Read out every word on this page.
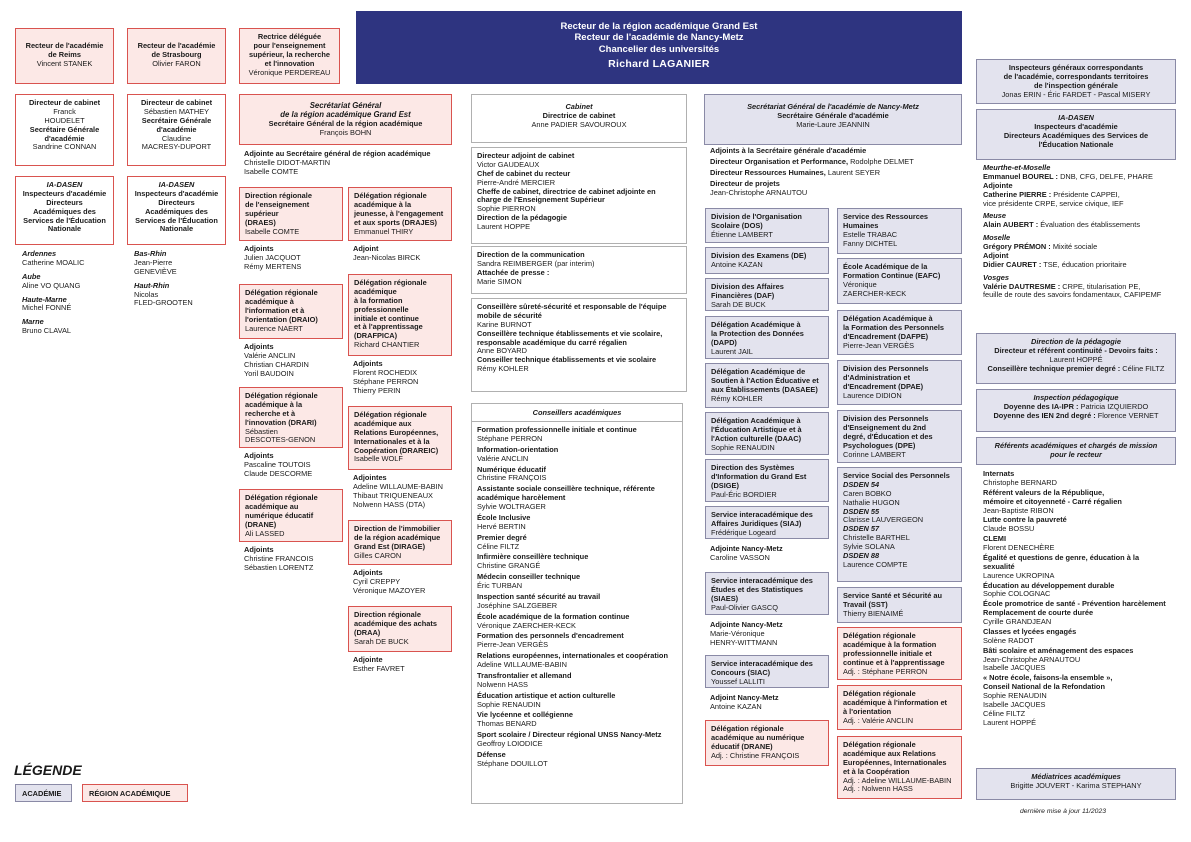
Recteur de la région académique Grand Est
Recteur de l'académie de Nancy-Metz
Chancelier des universités
Richard LAGANIER
Recteur de l'académie
de Reims
Vincent STANEK
Directeur de cabinet
Franck
HOUDELET
Secrétaire Générale
d'académie
Sandrine CONNAN
IA-DASEN
Inspecteurs d'académie
Directeurs
Académiques des
Services de l'Éducation
Nationale
Ardennes
Catherine MOALIC
Aube
Aline VO QUANG
Haute-Marne
Michel FONNÉ
Marne
Bruno CLAVAL
Recteur de l'académie
de Strasbourg
Olivier FARON
Directeur de cabinet
Sébastien MATHEY
Secrétaire Générale
d'académie
Claudine
MACRESY-DUPORT
IA-DASEN
Inspecteurs d'académie
Directeurs
Académiques des
Services de l'Éducation
Nationale
Bas-Rhin
Jean-Pierre
GENEVIÈVE
Haut-Rhin
Nicolas
FLED-GROOTEN
Rectrice déléguée
pour l'enseignement
supérieur, la recherche
et l'innovation
Véronique PERDEREAU
Secrétariat Général
de la région académique Grand Est
Secrétaire Général de la région académique
François BOHN
Adjointe au Secrétaire général de région académique
Christelle DIDOT-MARTIN
Isabelle COMTE
Direction régionale
de l'enseignement supérieur
(DRAES)
Isabelle COMTE
Adjoints
Julien JACQUOT
Rémy MERTENS
Délégation régionale
académique à
l'information et à
l'orientation (DRAIO)
Laurence NAERT
Adjoints
Valérie ANCLIN
Christian CHARDIN
Yoril BAUDOIN
Délégation régionale
académique à la
recherche et à
l'innovation (DRARI)
Sébastien
DESCOTES-GENON
Adjoints
Pascaline TOUTOIS
Claude DESCORME
Délégation régionale
académique au
numérique éducatif
(DRANE)
Ali LASSED
Adjoints
Christine FRANCOIS
Sébastien LORENTZ
Délégation régionale
académique à la
jeunesse, à l'engagement
et aux sports (DRAJES)
Emmanuel THIRY
Adjoint
Jean-Nicolas BIRCK
Délégation régionale
académique
à la formation
professionnelle
initiale et continue
et à l'apprentissage
(DRAFPICA)
Richard CHANTIER
Adjoints
Florent ROCHEDIX
Stéphane PERRON
Thierry PERIN
Délégation régionale
académique aux
Relations Européennes,
Internationales et à la
Coopération (DRAREIC)
Isabelle WOLF
Adjointes
Adeline WILLAUME-BABIN
Thibaut TRIQUENEAUX
Nolwenn HASS (DTA)
Direction de l'immobilier
de la région académique
Grand Est (DIRAGE)
Gilles CARON
Adjoints
Cyril CREPPY
Véronique MAZOYER
Direction régionale
académique des achats
(DRAA)
Sarah DE BUCK
Adjointe
Esther FAVRET
Cabinet
Directrice de cabinet
Anne PADIER SAVOUROUX
Directeur adjoint de cabinet
Victor GAUDEAUX
Chef de cabinet du recteur
Pierre-André MERCIER
Cheffe de cabinet, directrice de cabinet adjointe en
charge de l'Enseignement Supérieur
Sophie PIERRON
Direction de la pédagogie
Laurent HOPPE
Direction de la communication
Sandra REIMBERGER (par interim)
Attachée de presse :
Marie SIMON
Conseillère sûreté-sécurité et responsable de l'équipe
mobile de sécurité
Karine BURNOT
Conseillère technique établissements et vie scolaire,
responsable académique du carré régalien
Anne BOYARD
Conseiller technique établissements et vie scolaire
Rémy KOHLER
Conseillers académiques
Formation professionnelle initiale et continue
Stéphane PERRON
Information-orientation
Valérie ANCLIN
Numérique éducatif
Christine FRANÇOIS
Assistante sociale conseillère technique, référente
académique harcèlement
Sylvie WOLTRAGER
École Inclusive
Hervé BERTIN
Premier degré
Céline FILTZ
Infirmière conseillère technique
Christine GRANGÉ
Médecin conseiller technique
Éric TURBAN
Inspection santé sécurité au travail
Joséphine SALZGEBER
École académique de la formation continue
Véronique ZAERCHER-KECK
Formation des personnels d'encadrement
Pierre-Jean VERGÈS
Relations européennes, internationales et coopération
Adeline WILLAUME-BABIN
Transfrontalier et allemand
Nolwenn HASS
Éducation artistique et action culturelle
Sophie RENAUDIN
Vie lycéenne et collégienne
Thomas BENARD
Sport scolaire / Directeur régional UNSS Nancy-Metz
Geoffroy LOIODICE
Défense
Stéphane DOUILLOT
Secrétariat Général de l'académie de Nancy-Metz
Secrétaire Générale d'académie
Marie-Laure JEANNIN
Adjoints à la Secrétaire générale d'académie
Directeur Organisation et Performance, Rodolphe DELMET
Directeur Ressources Humaines, Laurent SEYER
Directeur de projets
Jean-Christophe ARNAUTOU
Division de l'Organisation
Scolaire (DOS)
Étienne LAMBERT
Division des Examens (DE)
Antoine KAZAN
Division des Affaires
Financières (DAF)
Sarah DE BUCK
Délégation Académique à
la Protection des Données
(DAPD)
Laurent JAIL
Délégation Académique de
Soutien à l'Action Éducative et
aux Établissements (DASAEE)
Rémy KOHLER
Délégation Académique à
l'Éducation Artistique et à
l'Action culturelle (DAAC)
Sophie RENAUDIN
Direction des Systèmes
d'Information du Grand Est
(DSIGE)
Paul-Éric BORDIER
Service interacadémique des
Affaires Juridiques (SIAJ)
Frédérique Logeard
Adjointe Nancy-Metz
Caroline VASSON
Service interacadémique des
Études et des Statistiques
(SIAES)
Paul-Olivier GASCQ
Adjointe Nancy-Metz
Marie-Véronique
HENRY-WITTMANN
Service interacadémique des
Concours (SIAC)
Youssef LALLITI
Adjoint Nancy-Metz
Antoine KAZAN
Délégation régionale
académique au numérique
éducatif (DRANE)
Adj. : Christine FRANÇOIS
Service des Ressources
Humaines
Estelle TRABAC
Fanny DICHTEL
École Académique de la
Formation Continue (EAFC)
Véronique
ZAERCHER-KECK
Délégation Académique à
la Formation des Personnels
d'Encadrement (DAFPE)
Pierre-Jean VERGÈS
Division des Personnels
d'Administration et
d'Encadrement (DPAE)
Laurence DIDION
Division des Personnels
d'Enseignement du 2nd
degré, d'Éducation et des
Psychologues (DPE)
Corinne LAMBERT
Service Social des Personnels
DSDEN 54
Caren BOBKO
Nathalie HUGON
DSDEN 55
Clarisse LAUVERGEON
DSDEN 57
Christelle BARTHEL
Sylvie SOLANA
DSDEN 88
Laurence COMPTE
Service Santé et Sécurité au
Travail (SST)
Thierry BIENAIMÉ
Délégation régionale
académique à la formation
professionnelle initiale et
continue et à l'apprentissage
Adj. : Stéphane PERRON
Délégation régionale
académique à l'information et
à l'orientation
Adj. : Valérie ANCLIN
Délégation régionale
académique aux Relations
Européennes, Internationales
et à la Coopération
Adj. : Adeline WILLAUME-BABIN
Adj. : Nolwenn HASS
Inspecteurs généraux correspondants
de l'académie, correspondants territoires
de l'inspection générale
Jonas ERIN - Éric FARDET - Pascal MISERY
IA-DASEN
Inspecteurs d'académie
Directeurs Académiques des Services de
l'Éducation Nationale
Meurthe-et-Moselle
Emmanuel BOUREL : DNB, CFG, DELFE, PHARE
Adjointe
Catherine PIERRE : Présidente CAPPEI,
vice présidente CRPE, service civique, IEF
Meuse
Alain AUBERT : Évaluation des établissements
Moselle
Grégory PRÉMON : Mixité sociale
Adjoint
Didier CAURET : TSE, éducation prioritaire
Vosges
Valérie DAUTRESME : CRPE, titularisation PE,
feuille de route des savoirs fondamentaux, CAFIPEMF
Direction de la pédagogie
Directeur et référent continuité - Devoirs faits :
Laurent HOPPÉ
Conseillère technique premier degré : Céline FILTZ
Inspection pédagogique
Doyenne des IA-IPR : Patricia IZQUIERDO
Doyenne des IEN 2nd degré : Florence VERNET
Référents académiques et chargés de mission
pour le recteur
Internats
Christophe BERNARD
Référent valeurs de la République,
mémoire et citoyenneté - Carré régalien
Jean-Baptiste RIBON
Lutte contre la pauvreté
Claude BOSSU
CLEMI
Florent DENECHÈRE
Égalité et questions de genre, éducation à la
sexualité
Laurence UKROPINA
Éducation au développement durable
Sophie COLOGNAC
École promotrice de santé - Prévention harcèlement
Remplacement de courte durée
Cyrille GRANDJEAN
Classes et lycées engagés
Solène RADOT
Bâti scolaire et aménagement des espaces
Jean-Christophe ARNAUTOU
Isabelle JACQUES
« Notre école, faisons-la ensemble »,
Conseil National de la Refondation
Sophie RENAUDIN
Isabelle JACQUES
Céline FILTZ
Laurent HOPPÉ
Médiatrices académiques
Brigitte JOUVERT - Karima STEPHANY
LÉGENDE
ACADÉMIE	RÉGION ACADÉMIQUE
dernière mise à jour 11/2023
